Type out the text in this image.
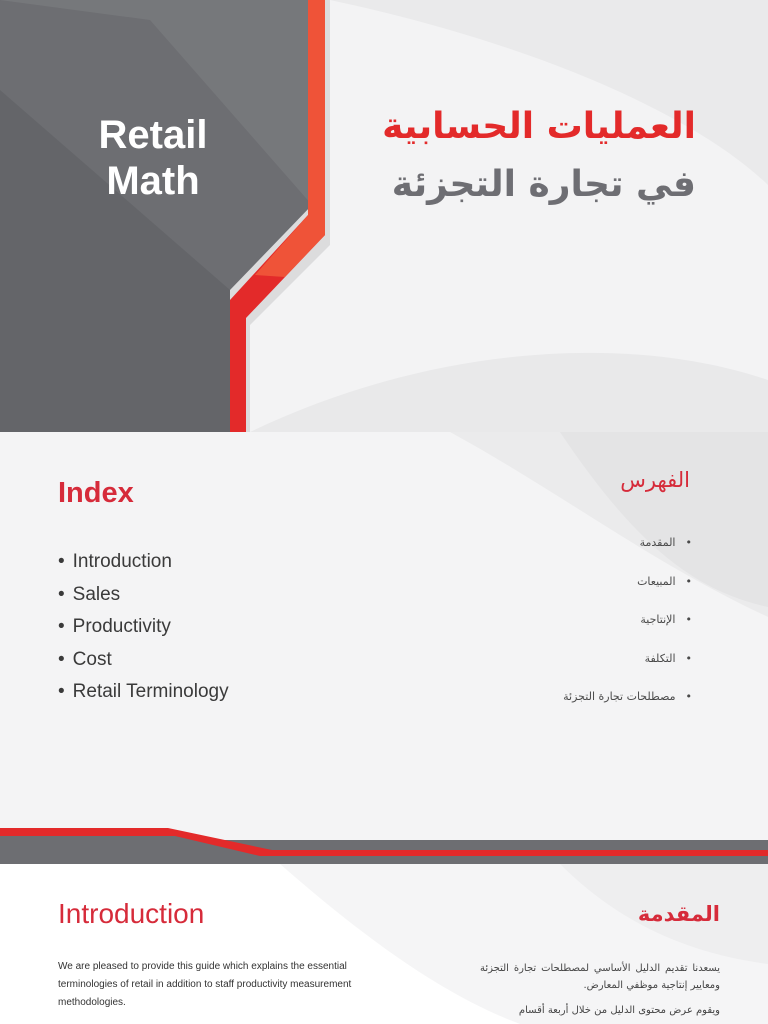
Retail Math
العمليات الحسابية
في تجارة التجزئة
Index
• Introduction
• Sales
• Productivity
• Cost
• Retail Terminology
الفهرس
• المقدمة
• المبيعات
• الإنتاجية
• التكلفة
• مصطلحات تجارة التجزئة
Introduction
We are pleased to provide this guide which explains the essential terminologies of retail in addition to staff productivity measurement methodologies.
المقدمة

يسعدنا تقديم الدليل الأساسي لمصطلحات تجارة التجزئة ومعايير إنتاجية موظفي المعارض.

ويقوم عرض محتوى الدليل من خلال أربعة أقسام
